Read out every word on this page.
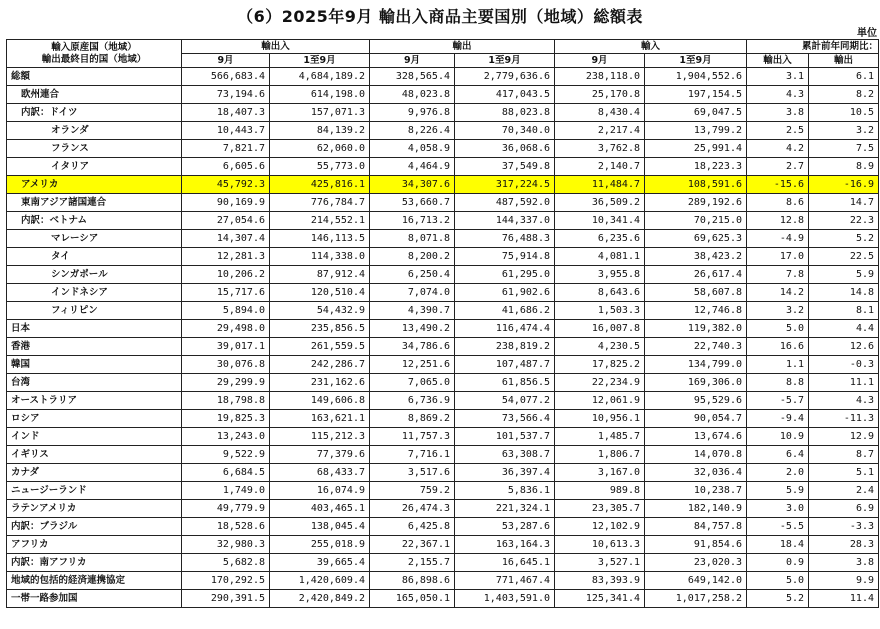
（6）2025年9月 輸出入商品主要国別（地域）総額表
単位
輸入原産国（地域）
輸出最終目的国（地域）	輸出入		輸出		輸入		累計前年同期比：	
	9月	1至9月	9月	1至9月	9月	1至9月	輸出入	輸出
総額	566,683.4	4,684,189.2	328,565.4	2,779,636.6	238,118.0	1,904,552.6	3.1	6.1
欧州連合	73,194.6	614,198.0	48,023.8	417,043.5	25,170.8	197,154.5	4.3	8.2
内訳：ドイツ	18,407.3	157,071.3	9,976.8	88,023.8	8,430.4	69,047.5	3.8	10.5
オランダ	10,443.7	84,139.2	8,226.4	70,340.0	2,217.4	13,799.2	2.5	3.2
フランス	7,821.7	62,060.0	4,058.9	36,068.6	3,762.8	25,991.4	4.2	7.5
イタリア	6,605.6	55,773.0	4,464.9	37,549.8	2,140.7	18,223.3	2.7	8.9
アメリカ	45,792.3	425,816.1	34,307.6	317,224.5	11,484.7	108,591.6	-15.6	-16.9
東南アジア諸国連合	90,169.9	776,784.7	53,660.7	487,592.0	36,509.2	289,192.6	8.6	14.7
内訳：ベトナム	27,054.6	214,552.1	16,713.2	144,337.0	10,341.4	70,215.0	12.8	22.3
マレーシア	14,307.4	146,113.5	8,071.8	76,488.3	6,235.6	69,625.3	-4.9	5.2
タイ	12,281.3	114,338.0	8,200.2	75,914.8	4,081.1	38,423.2	17.0	22.5
シンガポール	10,206.2	87,912.4	6,250.4	61,295.0	3,955.8	26,617.4	7.8	5.9
インドネシア	15,717.6	120,510.4	7,074.0	61,902.6	8,643.6	58,607.8	14.2	14.8
フィリピン	5,894.0	54,432.9	4,390.7	41,686.2	1,503.3	12,746.8	3.2	8.1
日本	29,498.0	235,856.5	13,490.2	116,474.4	16,007.8	119,382.0	5.0	4.4
香港	39,017.1	261,559.5	34,786.6	238,819.2	4,230.5	22,740.3	16.6	12.6
韓国	30,076.8	242,286.7	12,251.6	107,487.7	17,825.2	134,799.0	1.1	-0.3
台湾	29,299.9	231,162.6	7,065.0	61,856.5	22,234.9	169,306.0	8.8	11.1
オーストラリア	18,798.8	149,606.8	6,736.9	54,077.2	12,061.9	95,529.6	-5.7	4.3
ロシア	19,825.3	163,621.1	8,869.2	73,566.4	10,956.1	90,054.7	-9.4	-11.3
インド	13,243.0	115,212.3	11,757.3	101,537.7	1,485.7	13,674.6	10.9	12.9
イギリス	9,522.9	77,379.6	7,716.1	63,308.7	1,806.7	14,070.8	6.4	8.7
カナダ	6,684.5	68,433.7	3,517.6	36,397.4	3,167.0	32,036.4	2.0	5.1
ニュージーランド	1,749.0	16,074.9	759.2	5,836.1	989.8	10,238.7	5.9	2.4
ラテンアメリカ	49,779.9	403,465.1	26,474.3	221,324.1	23,305.7	182,140.9	3.0	6.9
内訳：ブラジル	18,528.6	138,045.4	6,425.8	53,287.6	12,102.9	84,757.8	-5.5	-3.3
アフリカ	32,980.3	255,018.9	22,367.1	163,164.3	10,613.3	91,854.6	18.4	28.3
内訳：南アフリカ	5,682.8	39,665.4	2,155.7	16,645.1	3,527.1	23,020.3	0.9	3.8
地域的包括的経済連携協定	170,292.5	1,420,609.4	86,898.6	771,467.4	83,393.9	649,142.0	5.0	9.9
一帯一路参加国	290,391.5	2,420,849.2	165,050.1	1,403,591.0	125,341.4	1,017,258.2	5.2	11.4
